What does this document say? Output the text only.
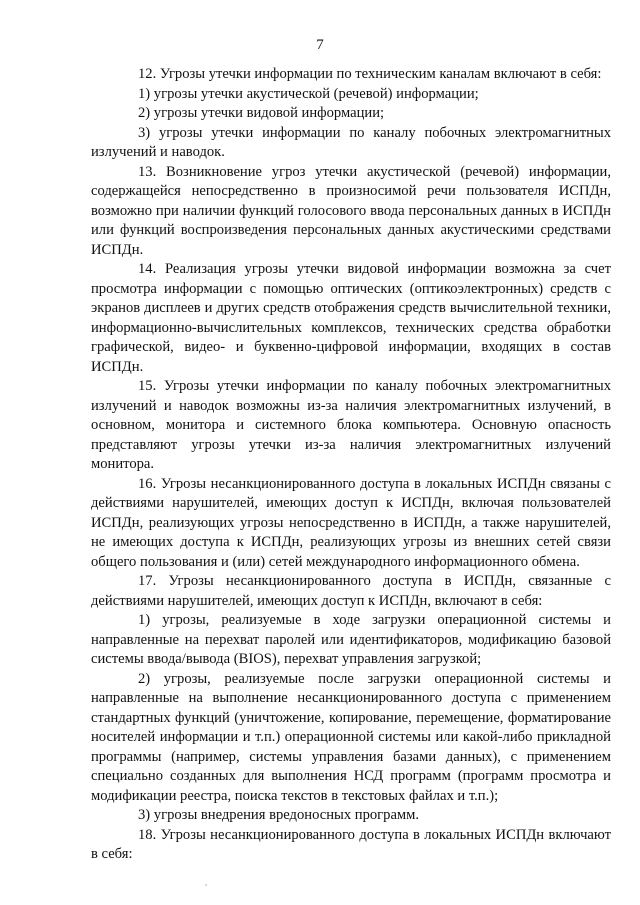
7

12. Угрозы утечки информации по техническим каналам включают в себя:

1) угрозы утечки акустической (речевой) информации;

2) угрозы утечки видовой информации;

3) угрозы утечки информации по каналу побочных электромагнитных излучений и наводок.

13. Возникновение угроз утечки акустической (речевой) информации, содержащейся непосредственно в произносимой речи пользователя ИСПДн, возможно при наличии функций голосового ввода персональных данных в ИСПДн или функций воспроизведения персональных данных акустическими средствами ИСПДн.

14. Реализация угрозы утечки видовой информации возможна за счет просмотра информации с помощью оптических (оптикоэлектронных) средств с экранов дисплеев и других средств отображения средств вычислительной техники, информационно-вычислительных комплексов, технических средства обработки графической, видео- и буквенно-цифровой информации, входящих в состав ИСПДн.

15. Угрозы утечки информации по каналу побочных электромагнитных излучений и наводок возможны из-за наличия электромагнитных излучений, в основном, монитора и системного блока компьютера. Основную опасность представляют угрозы утечки из-за наличия электромагнитных излучений монитора.

16. Угрозы несанкционированного доступа в локальных ИСПДн связаны с действиями нарушителей, имеющих доступ к ИСПДн, включая пользователей ИСПДн, реализующих угрозы непосредственно в ИСПДн, а также нарушителей, не имеющих доступа к ИСПДн, реализующих угрозы из внешних сетей связи общего пользования и (или) сетей международного информационного обмена.

17. Угрозы несанкционированного доступа в ИСПДн, связанные с действиями нарушителей, имеющих доступ к ИСПДн, включают в себя:

1) угрозы, реализуемые в ходе загрузки операционной системы и направленные на перехват паролей или идентификаторов, модификацию базовой системы ввода/вывода (BIOS), перехват управления загрузкой;

2) угрозы, реализуемые после загрузки операционной системы и направленные на выполнение несанкционированного доступа с применением стандартных функций (уничтожение, копирование, перемещение, форматирование носителей информации и т.п.) операционной системы или какой-либо прикладной программы (например, системы управления базами данных), с применением специально созданных для выполнения НСД программ (программ просмотра и модификации реестра, поиска текстов в текстовых файлах и т.п.);

3) угрозы внедрения вредоносных программ.

18. Угрозы несанкционированного доступа в локальных ИСПДн включают в себя:
